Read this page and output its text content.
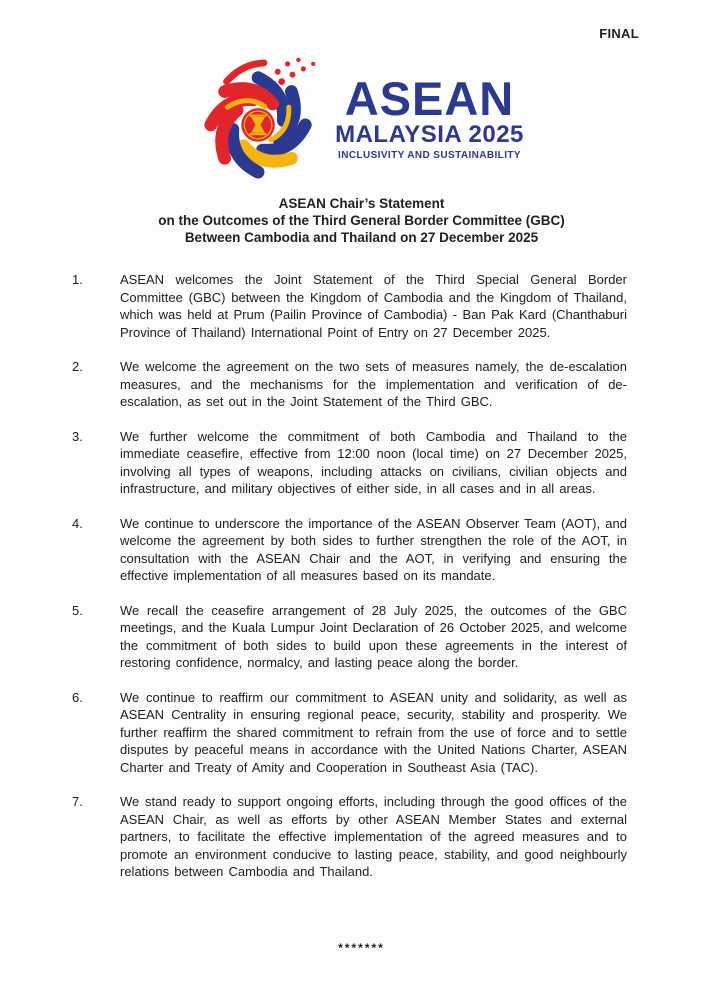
FINAL
ASEAN
MALAYSIA 2025
INCLUSIVITY AND SUSTAINABILITY
ASEAN Chair’s Statement
on the Outcomes of the Third General Border Committee (GBC)
Between Cambodia and Thailand on 27 December 2025
1.	ASEAN welcomes the Joint Statement of the Third Special General Border Committee (GBC) between the Kingdom of Cambodia and the Kingdom of Thailand, which was held at Prum (Pailin Province of Cambodia) - Ban Pak Kard (Chanthaburi Province of Thailand) International Point of Entry on 27 December 2025.
2.	We welcome the agreement on the two sets of measures namely, the de-escalation measures, and the mechanisms for the implementation and verification of de-escalation, as set out in the Joint Statement of the Third GBC.
3.	We further welcome the commitment of both Cambodia and Thailand to the immediate ceasefire, effective from 12:00 noon (local time) on 27 December 2025, involving all types of weapons, including attacks on civilians, civilian objects and infrastructure, and military objectives of either side, in all cases and in all areas.
4.	We continue to underscore the importance of the ASEAN Observer Team (AOT), and welcome the agreement by both sides to further strengthen the role of the AOT, in consultation with the ASEAN Chair and the AOT, in verifying and ensuring the effective implementation of all measures based on its mandate.
5.	We recall the ceasefire arrangement of 28 July 2025, the outcomes of the GBC meetings, and the Kuala Lumpur Joint Declaration of 26 October 2025, and welcome the commitment of both sides to build upon these agreements in the interest of restoring confidence, normalcy, and lasting peace along the border.
6.	We continue to reaffirm our commitment to ASEAN unity and solidarity, as well as ASEAN Centrality in ensuring regional peace, security, stability and prosperity. We further reaffirm the shared commitment to refrain from the use of force and to settle disputes by peaceful means in accordance with the United Nations Charter, ASEAN Charter and Treaty of Amity and Cooperation in Southeast Asia (TAC).
7.	We stand ready to support ongoing efforts, including through the good offices of the ASEAN Chair, as well as efforts by other ASEAN Member States and external partners, to facilitate the effective implementation of the agreed measures and to promote an environment conducive to lasting peace, stability, and good neighbourly relations between Cambodia and Thailand.
*******
